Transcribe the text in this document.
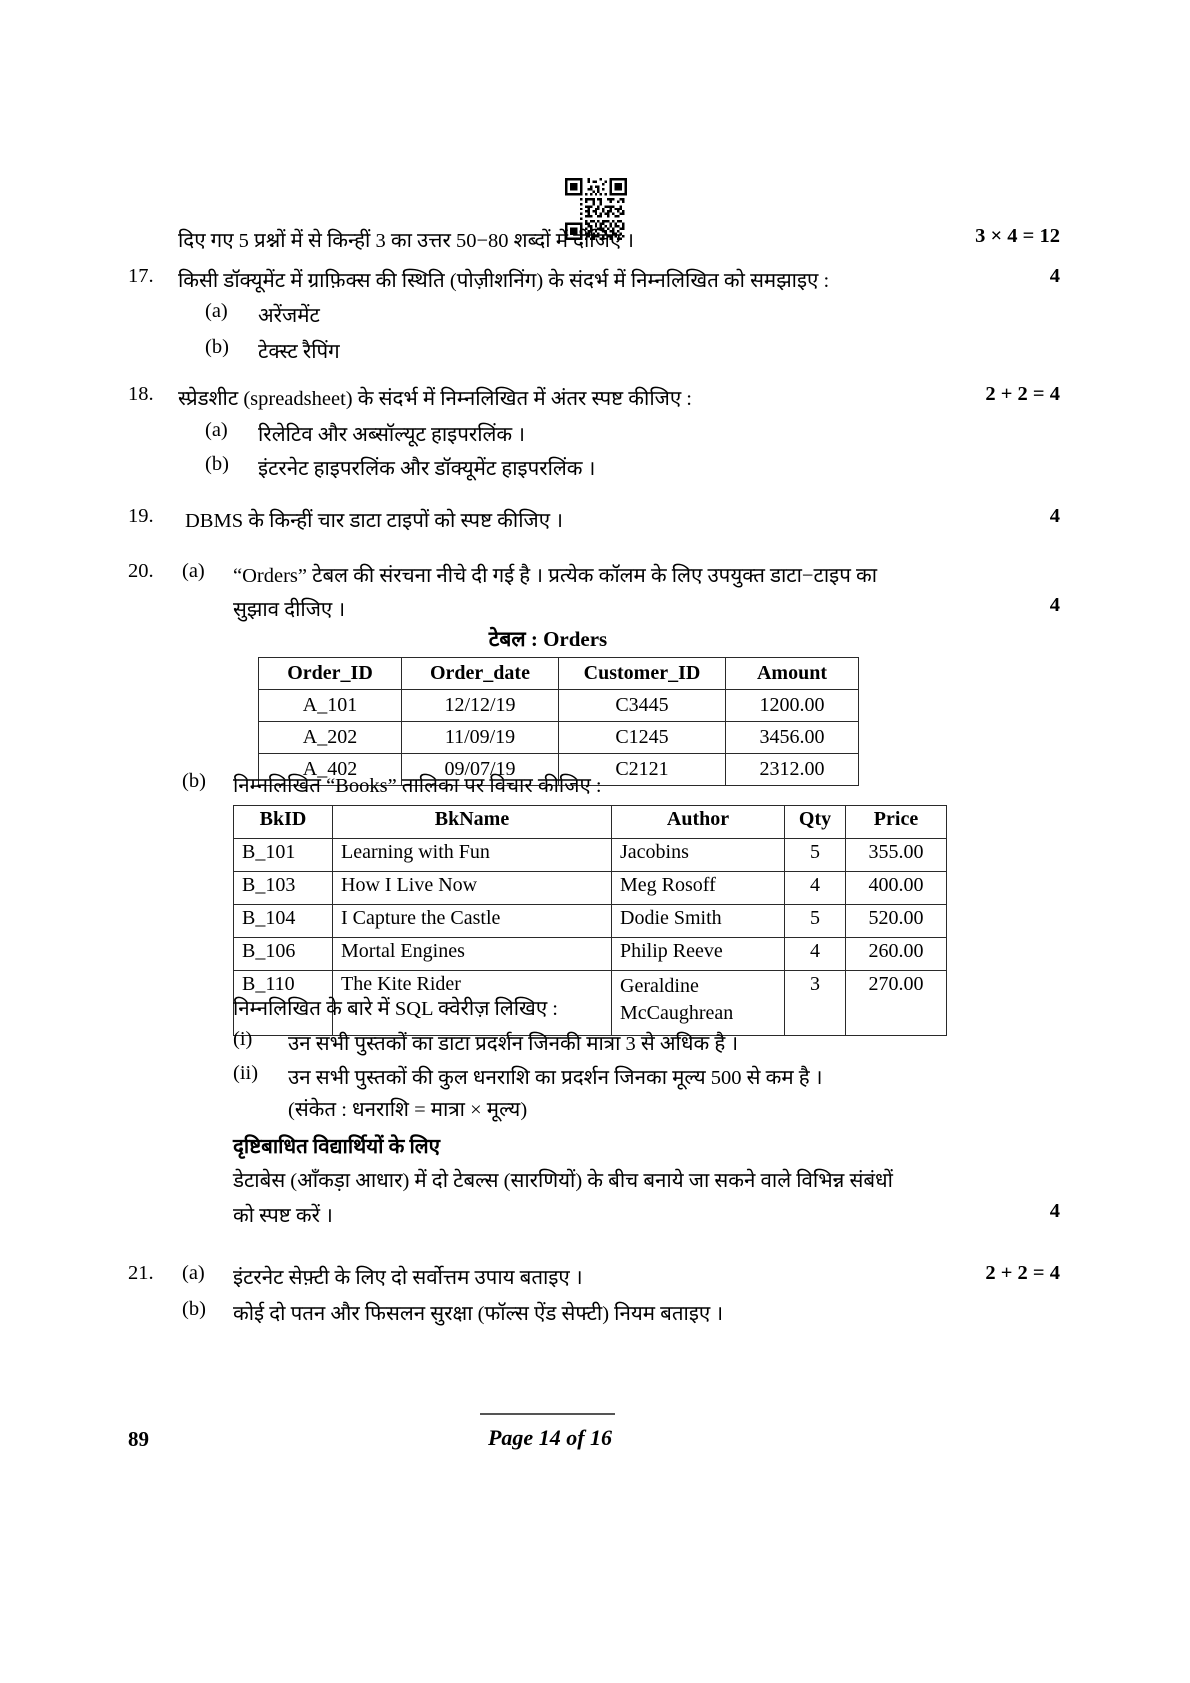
दिए गए 5 प्रश्नों में से किन्हीं 3 का उत्तर 50−80 शब्दों में दीजिए ।	3 × 4 = 12
17. किसी डॉक्यूमेंट में ग्राफ़िक्स की स्थिति (पोज़ीशनिंग) के संदर्भ में निम्नलिखित को समझाइए :	4
(a) अरेंजमेंट
(b) टेक्स्ट रैपिंग
18. स्प्रेडशीट (spreadsheet) के संदर्भ में निम्नलिखित में अंतर स्पष्ट कीजिए :	2 + 2 = 4
(a) रिलेटिव और अब्सॉल्यूट हाइपरलिंक ।
(b) इंटरनेट हाइपरलिंक और डॉक्यूमेंट हाइपरलिंक ।
19. DBMS के किन्हीं चार डाटा टाइपों को स्पष्ट कीजिए ।	4
20. (a) “Orders” टेबल की संरचना नीचे दी गई है । प्रत्येक कॉलम के लिए उपयुक्त डाटा−टाइप का
सुझाव दीजिए ।	4
टेबल : Orders
Order_ID	Order_date	Customer_ID	Amount
A_101	12/12/19	C3445	1200.00
A_202	11/09/19	C1245	3456.00
A_402	09/07/19	C2121	2312.00
(b) निम्नलिखित “Books” तालिका पर विचार कीजिए :
BkID	BkName	Author	Qty	Price
B_101	Learning with Fun	Jacobins	5	355.00
B_103	How I Live Now	Meg Rosoff	4	400.00
B_104	I Capture the Castle	Dodie Smith	5	520.00
B_106	Mortal Engines	Philip Reeve	4	260.00
B_110	The Kite Rider	Geraldine McCaughrean	3	270.00
निम्नलिखित के बारे में SQL क्वेरीज़ लिखिए :
(i) उन सभी पुस्तकों का डाटा प्रदर्शन जिनकी मात्रा 3 से अधिक है ।
(ii) उन सभी पुस्तकों की कुल धनराशि का प्रदर्शन जिनका मूल्य 500 से कम है ।
(संकेत : धनराशि = मात्रा × मूल्य)
दृष्टिबाधित विद्यार्थियों के लिए
डेटाबेस (आँकड़ा आधार) में दो टेबल्स (सारणियों) के बीच बनाये जा सकने वाले विभिन्न संबंधों
को स्पष्ट करें ।	4
21. (a) इंटरनेट सेफ़्टी के लिए दो सर्वोत्तम उपाय बताइए ।	2 + 2 = 4
(b) कोई दो पतन और फिसलन सुरक्षा (फॉल्स ऐंड सेफ्टी) नियम बताइए ।
89	Page 14 of 16
